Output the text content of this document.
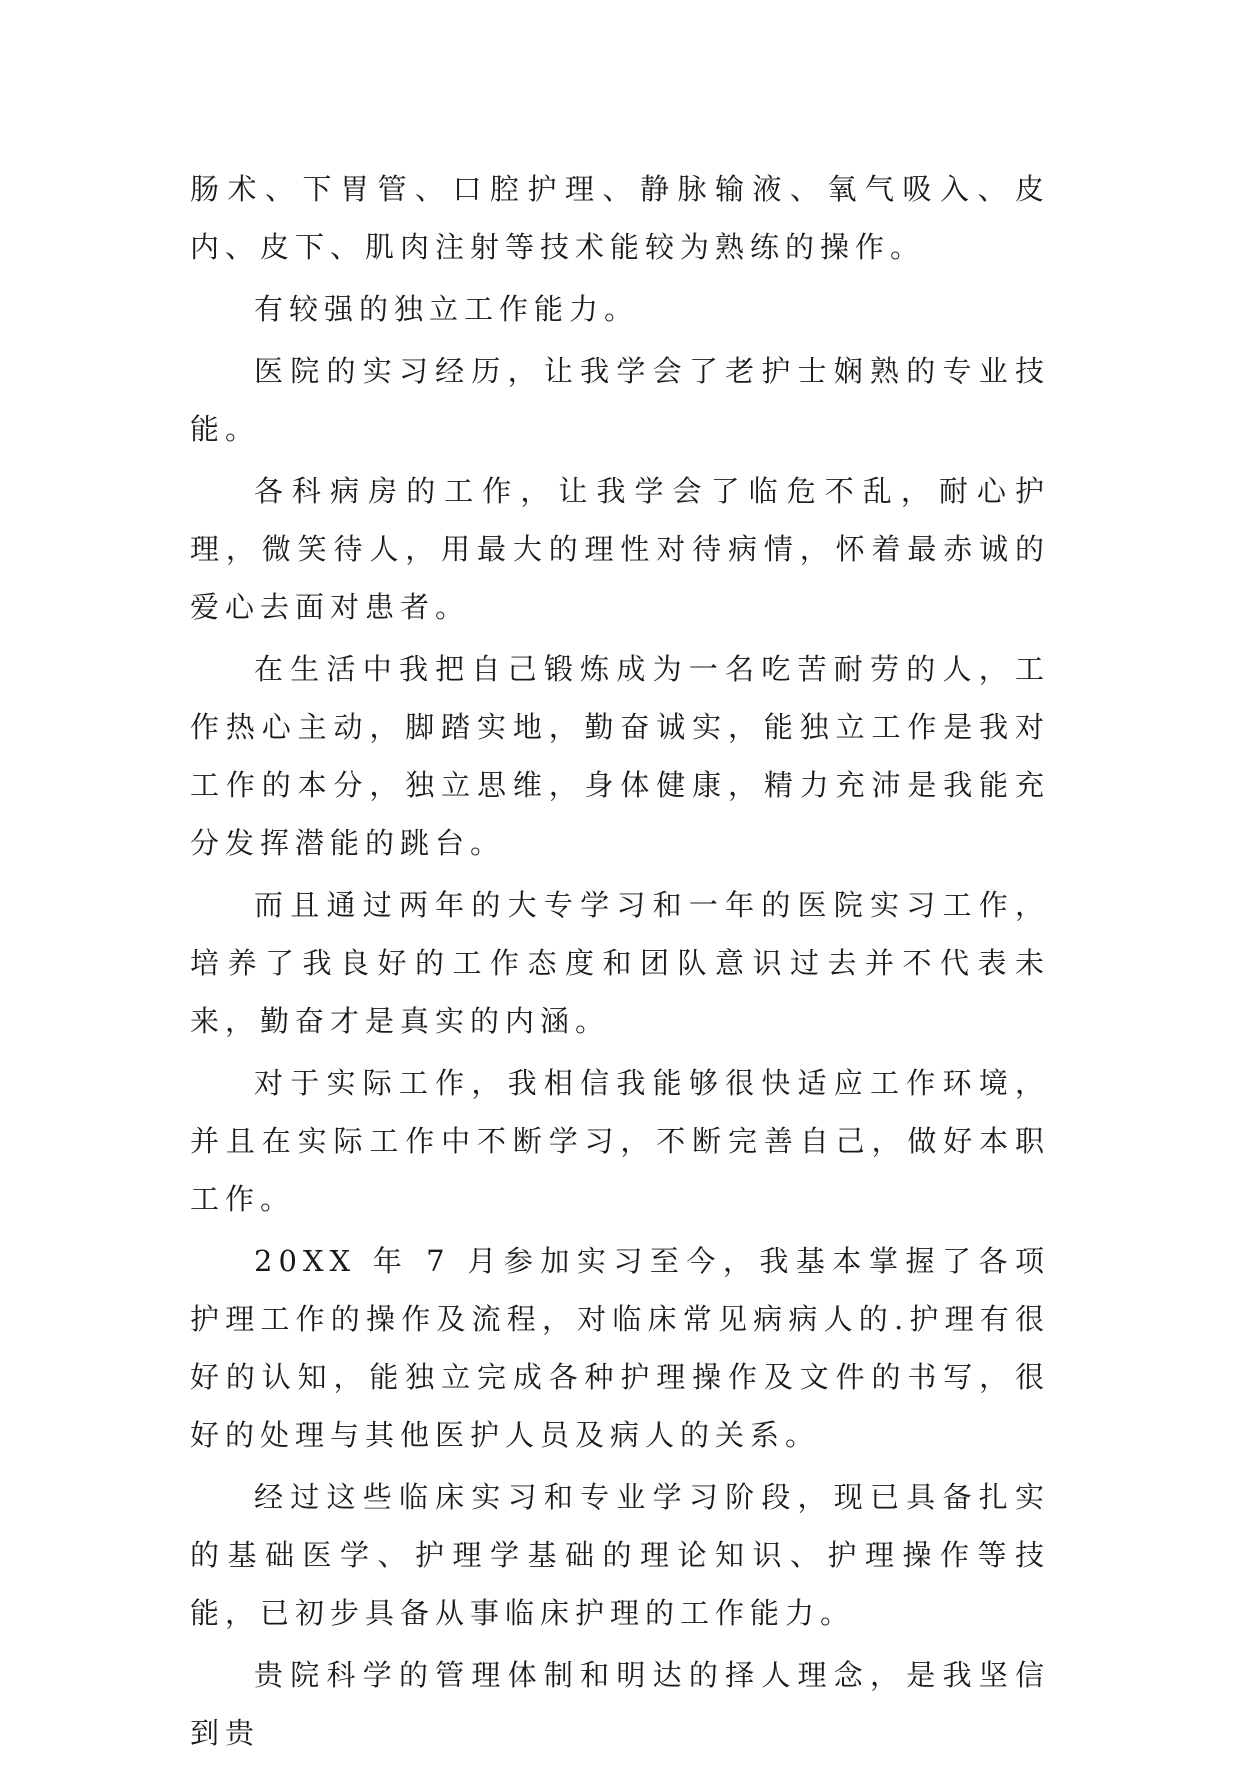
肠术、下胃管、口腔护理、静脉输液、氧气吸入、皮内、皮下、肌肉注射等技术能较为熟练的操作。

有较强的独立工作能力。

医院的实习经历，让我学会了老护士娴熟的专业技能。

各科病房的工作，让我学会了临危不乱，耐心护理，微笑待人，用最大的理性对待病情，怀着最赤诚的爱心去面对患者。

在生活中我把自己锻炼成为一名吃苦耐劳的人，工作热心主动，脚踏实地，勤奋诚实，能独立工作是我对工作的本分，独立思维，身体健康，精力充沛是我能充分发挥潜能的跳台。

而且通过两年的大专学习和一年的医院实习工作，培养了我良好的工作态度和团队意识过去并不代表未来，勤奋才是真实的内涵。

对于实际工作，我相信我能够很快适应工作环境，并且在实际工作中不断学习，不断完善自己，做好本职工作。

20XX 年 7 月参加实习至今，我基本掌握了各项护理工作的操作及流程，对临床常见病病人的.护理有很好的认知，能独立完成各种护理操作及文件的书写，很好的处理与其他医护人员及病人的关系。

经过这些临床实习和专业学习阶段，现已具备扎实的基础医学、护理学基础的理论知识、护理操作等技能，已初步具备从事临床护理的工作能力。

贵院科学的管理体制和明达的择人理念，是我坚信到贵
